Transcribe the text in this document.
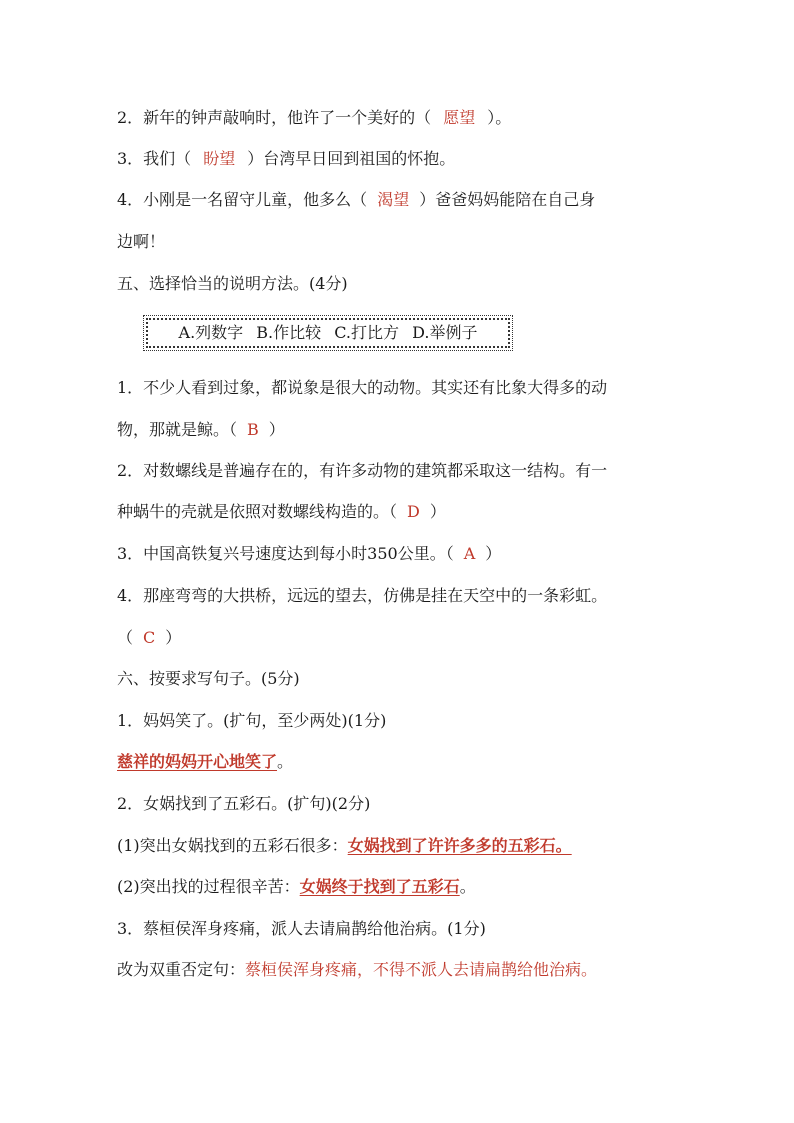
2．新年的钟声敲响时，他许了一个美好的（ 愿望 ）。
3．我们（ 盼望 ）台湾早日回到祖国的怀抱。
4．小刚是一名留守儿童，他多么（ 渴望 ）爸爸妈妈能陪在自己身
边啊！
五、选择恰当的说明方法。(4分)
A.列数字 B.作比较 C.打比方 D.举例子
1．不少人看到过象，都说象是很大的动物。其实还有比象大得多的动
物，那就是鲸。（ B ）
2．对数螺线是普遍存在的，有许多动物的建筑都采取这一结构。有一
种蜗牛的壳就是依照对数螺线构造的。（ D ）
3．中国高铁复兴号速度达到每小时350公里。（ A ）
4．那座弯弯的大拱桥，远远的望去，仿佛是挂在天空中的一条彩虹。
（ C ）
六、按要求写句子。(5分)
1．妈妈笑了。(扩句，至少两处)(1分)
慈祥的妈妈开心地笑了。
2．女娲找到了五彩石。(扩句)(2分)
(1)突出女娲找到的五彩石很多：女娲找到了许许多多的五彩石。
(2)突出找的过程很辛苦：女娲终于找到了五彩石。
3．蔡桓侯浑身疼痛，派人去请扁鹊给他治病。(1分)
改为双重否定句：蔡桓侯浑身疼痛，不得不派人去请扁鹊给他治病。
